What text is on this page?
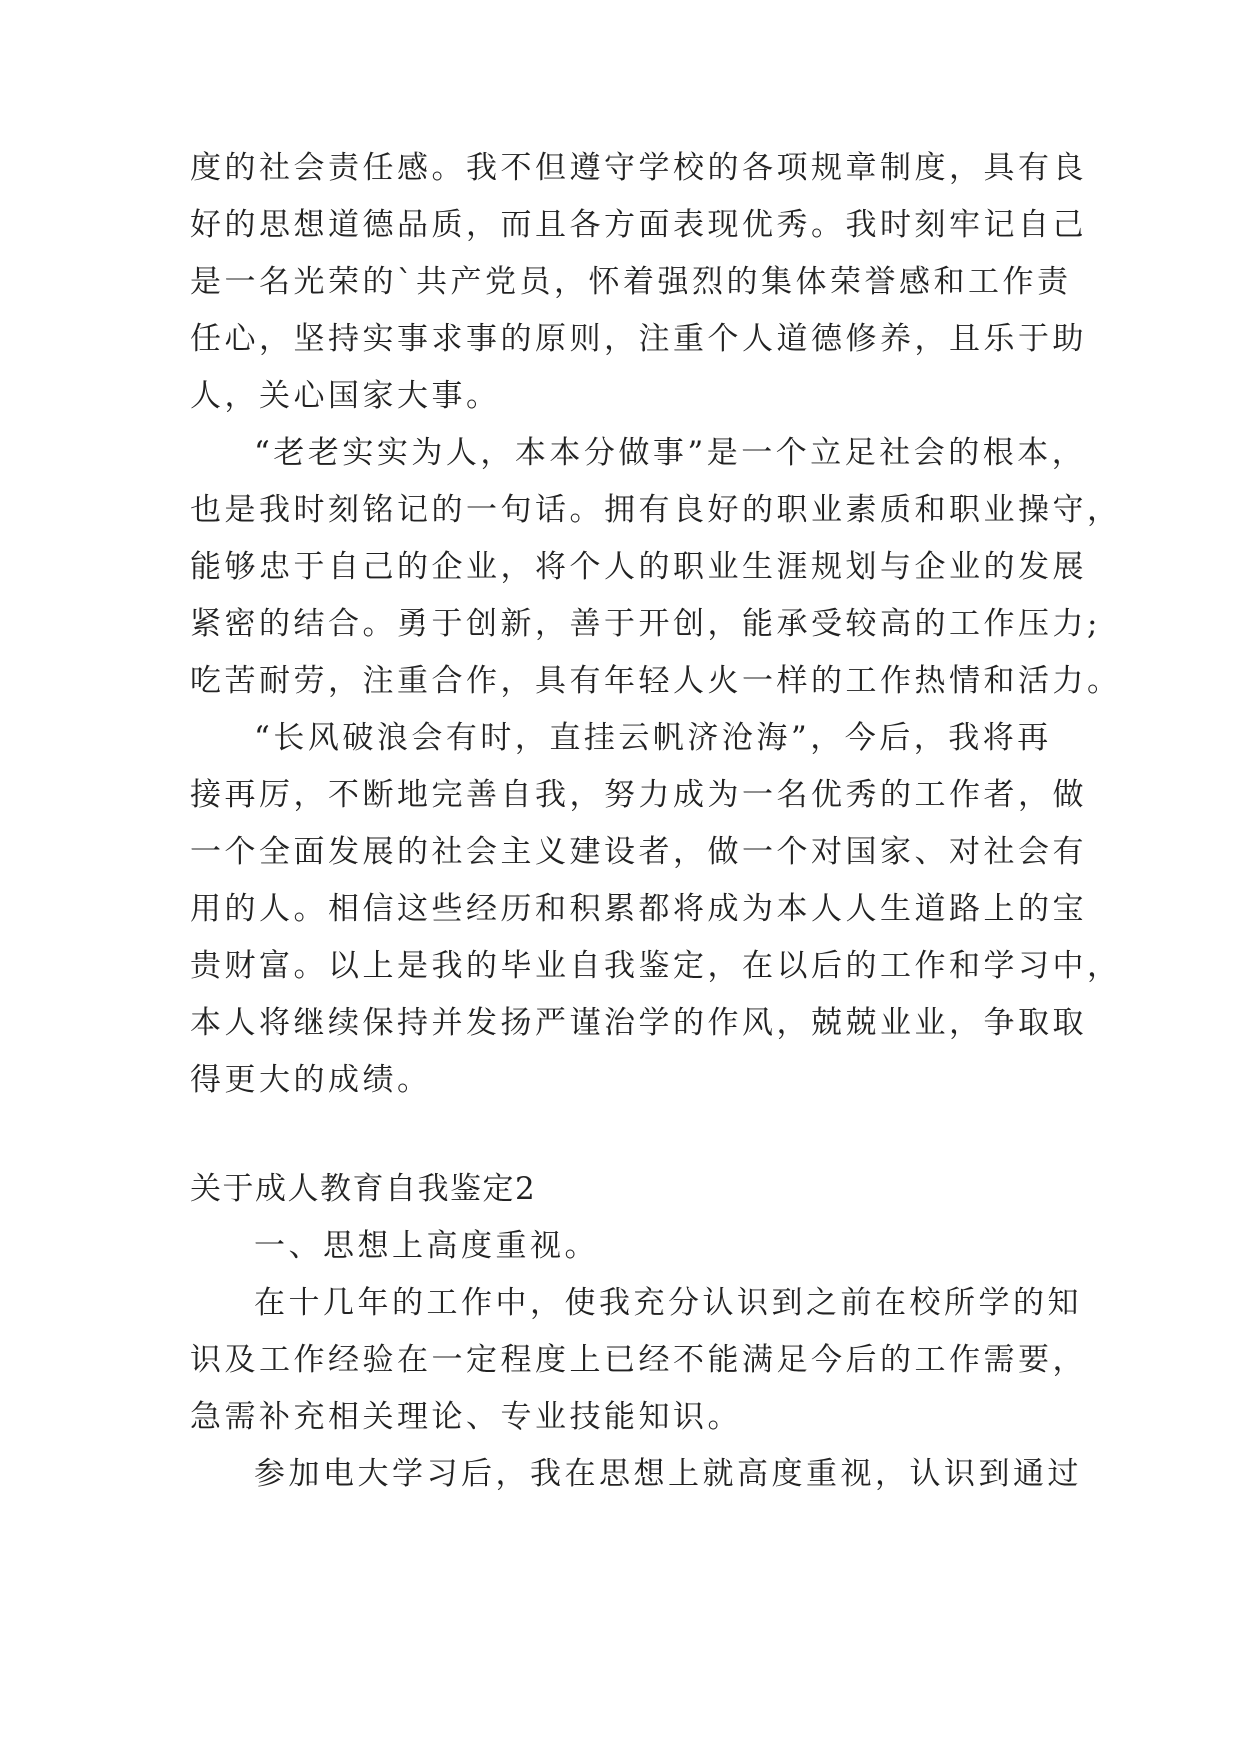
度的社会责任感。我不但遵守学校的各项规章制度，具有良
好的思想道德品质，而且各方面表现优秀。我时刻牢记自己
是一名光荣的`共产党员，怀着强烈的集体荣誉感和工作责
任心，坚持实事求事的原则，注重个人道德修养，且乐于助
人，关心国家大事。
“老老实实为人，本本分做事”是一个立足社会的根本，
也是我时刻铭记的一句话。拥有良好的职业素质和职业操守，
能够忠于自己的企业，将个人的职业生涯规划与企业的发展
紧密的结合。勇于创新，善于开创，能承受较高的工作压力;
吃苦耐劳，注重合作，具有年轻人火一样的工作热情和活力。
“长风破浪会有时，直挂云帆济沧海”，今后，我将再
接再厉，不断地完善自我，努力成为一名优秀的工作者，做
一个全面发展的社会主义建设者，做一个对国家、对社会有
用的人。相信这些经历和积累都将成为本人人生道路上的宝
贵财富。以上是我的毕业自我鉴定，在以后的工作和学习中，
本人将继续保持并发扬严谨治学的作风，兢兢业业，争取取
得更大的成绩。
关于成人教育自我鉴定2
一、思想上高度重视。
在十几年的工作中，使我充分认识到之前在校所学的知
识及工作经验在一定程度上已经不能满足今后的工作需要，
急需补充相关理论、专业技能知识。
参加电大学习后，我在思想上就高度重视，认识到通过
